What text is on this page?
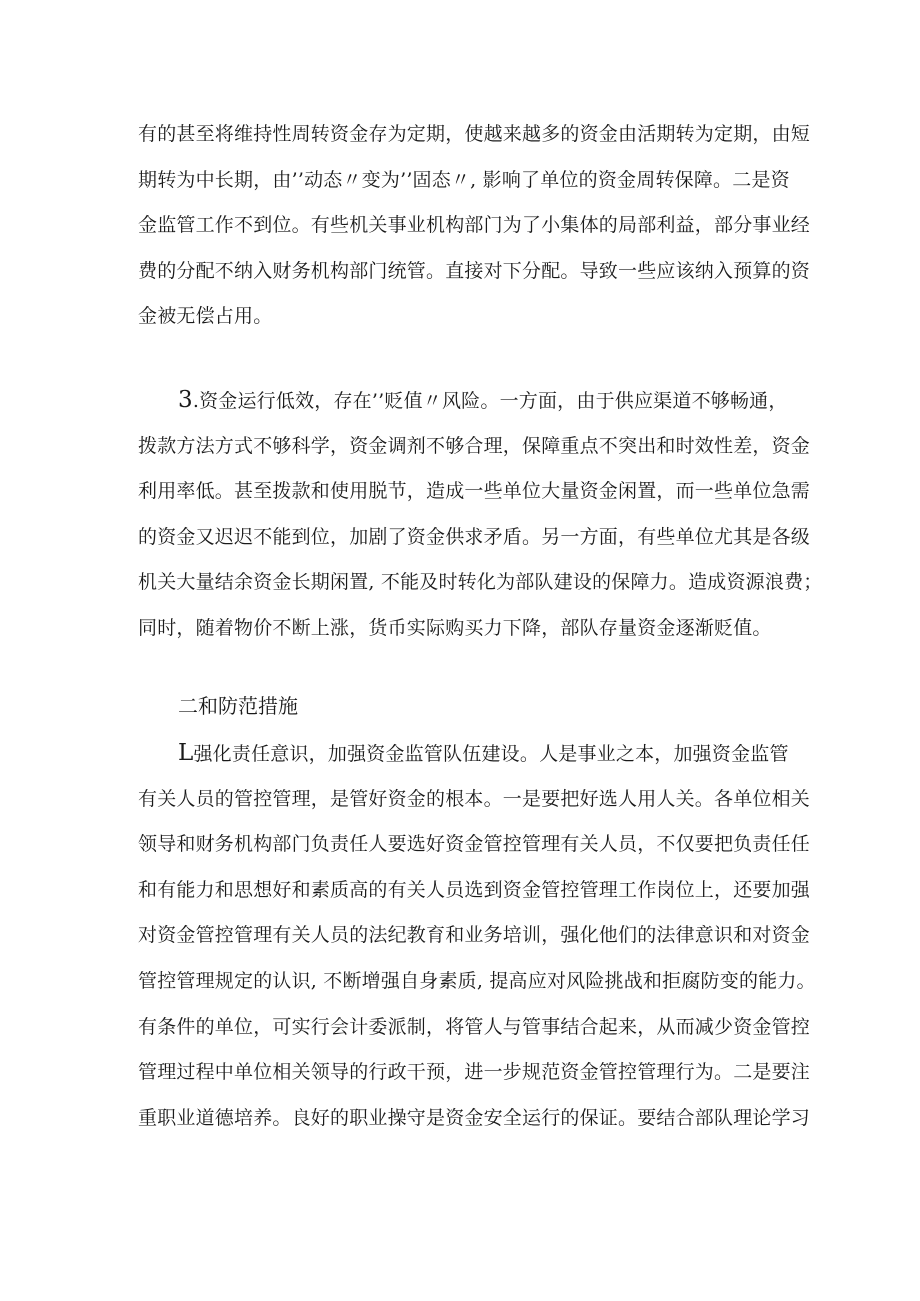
有的甚至将维持性周转资金存为定期，使越来越多的资金由活期转为定期，由短
期转为中长期，由’’动态〃变为’’固态〃, 影响了单位的资金周转保障。二是资
金监管工作不到位。有些机关事业机构部门为了小集体的局部利益，部分事业经
费的分配不纳入财务机构部门统管。直接对下分配。导致一些应该纳入预算的资
金被无偿占用。
3.资金运行低效，存在’’贬值〃风险。一方面，由于供应渠道不够畅通，
拨款方法方式不够科学，资金调剂不够合理，保障重点不突出和时效性差，资金
利用率低。甚至拨款和使用脱节，造成一些单位大量资金闲置，而一些单位急需
的资金又迟迟不能到位，加剧了资金供求矛盾。另一方面，有些单位尤其是各级
机关大量结余资金长期闲置, 不能及时转化为部队建设的保障力。造成资源浪费；
同时，随着物价不断上涨，货币实际购买力下降，部队存量资金逐渐贬值。
二和防范措施
L强化责任意识，加强资金监管队伍建设。人是事业之本，加强资金监管
有关人员的管控管理，是管好资金的根本。一是要把好选人用人关。各单位相关
领导和财务机构部门负责任人要选好资金管控管理有关人员，不仅要把负责任任
和有能力和思想好和素质高的有关人员选到资金管控管理工作岗位上，还要加强
对资金管控管理有关人员的法纪教育和业务培训，强化他们的法律意识和对资金
管控管理规定的认识, 不断增强自身素质, 提高应对风险挑战和拒腐防变的能力。
有条件的单位，可实行会计委派制，将管人与管事结合起来，从而减少资金管控
管理过程中单位相关领导的行政干预，进一步规范资金管控管理行为。二是要注
重职业道德培养。良好的职业操守是资金安全运行的保证。要结合部队理论学习
